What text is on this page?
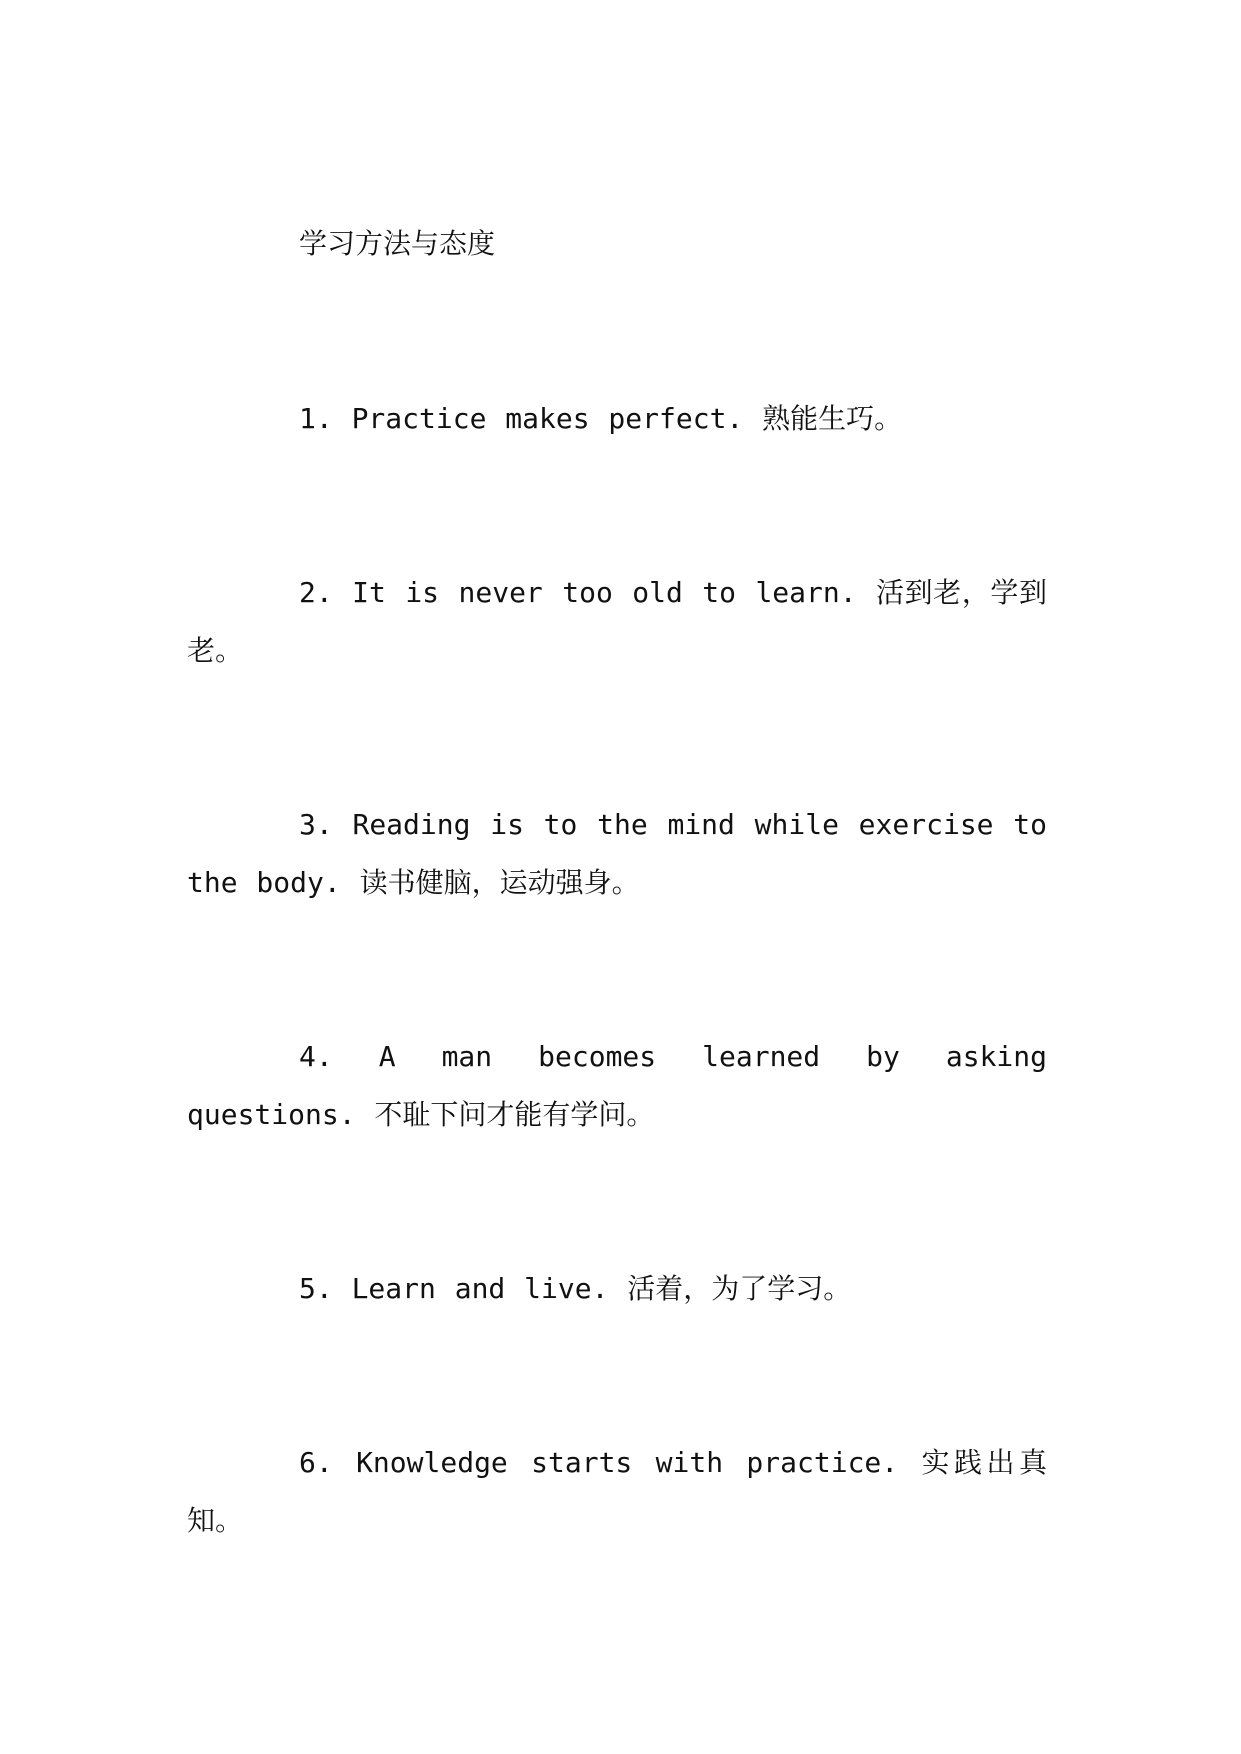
学习方法与态度

1. Practice makes perfect. 熟能生巧。

2. It is never too old to learn. 活到老，学到老。

3. Reading is to the mind while exercise to the body. 读书健脑，运动强身。

4. A man becomes learned by asking questions. 不耻下问才能有学问。

5. Learn and live. 活着，为了学习。

6. Knowledge starts with practice. 实践出真知。
